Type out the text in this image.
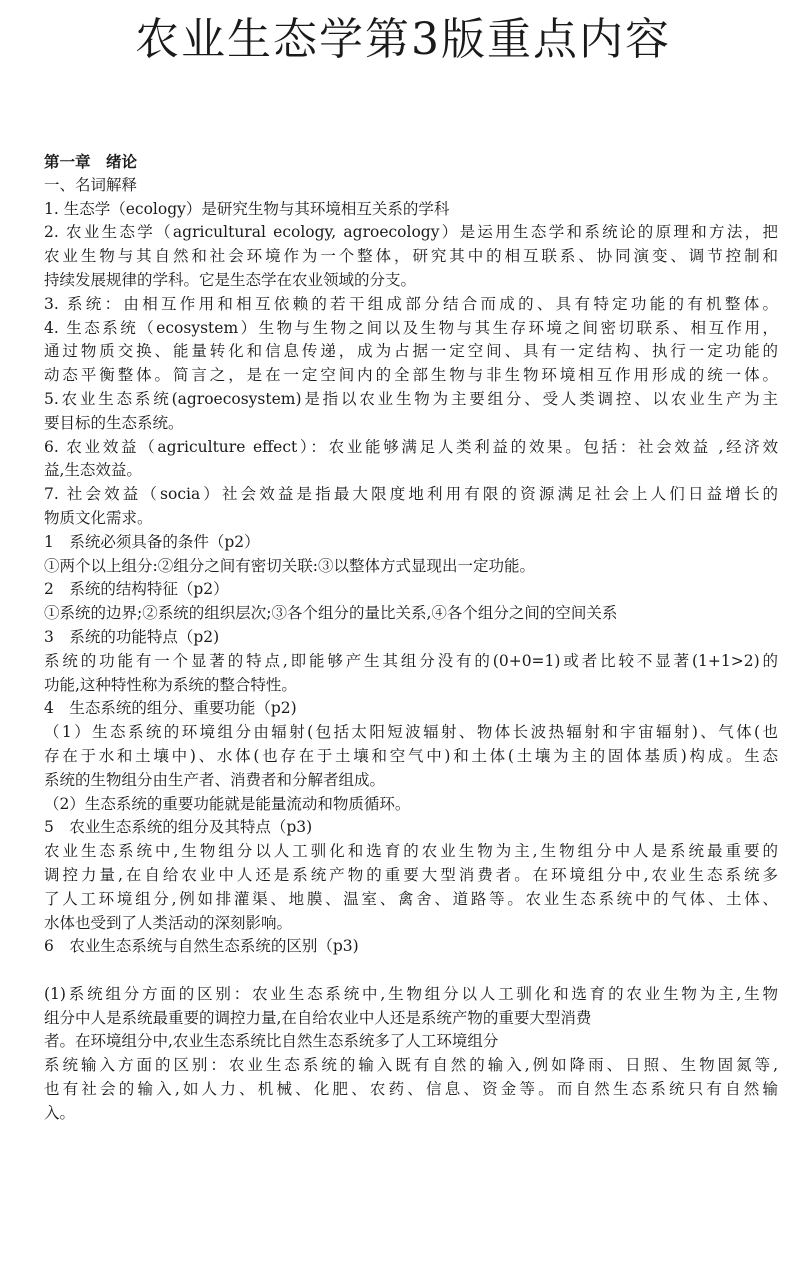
农业生态学第3版重点内容
第一章　绪论
一、名词解释
1. 生态学（ecology）是研究生物与其环境相互关系的学科
2. 农业生态学（agricultural ecology, agroecology）是运用生态学和系统论的原理和方法，把
农业生物与其自然和社会环境作为一个整体，研究其中的相互联系、协同演变、调节控制和
持续发展规律的学科。它是生态学在农业领域的分支。
3. 系统：由相互作用和相互依赖的若干组成部分结合而成的、具有特定功能的有机整体。
4. 生态系统（ecosystem）生物与生物之间以及生物与其生存环境之间密切联系、相互作用，
通过物质交换、能量转化和信息传递，成为占据一定空间、具有一定结构、执行一定功能的
动态平衡整体。简言之，是在一定空间内的全部生物与非生物环境相互作用形成的统一体。
5.农业生态系统(agroecosystem)是指以农业生物为主要组分、受人类调控、以农业生产为主
要目标的生态系统。
6. 农业效益（agriculture effect）：农业能够满足人类利益的效果。包括：社会效益 ,经济效
益,生态效益。
7. 社会效益（socia）社会效益是指最大限度地利用有限的资源满足社会上人们日益增长的
物质文化需求。
1　系统必须具备的条件（p2）
①两个以上组分:②组分之间有密切关联:③以整体方式显现出一定功能。
2　系统的结构特征（p2）
①系统的边界;②系统的组织层次;③各个组分的量比关系,④各个组分之间的空间关系
3　系统的功能特点（p2)
系统的功能有一个显著的特点,即能够产生其组分没有的(0+0=1)或者比较不显著(1+1>2)的
功能,这种特性称为系统的整合特性。
4　生态系统的组分、重要功能（p2)
（1）生态系统的环境组分由辐射(包括太阳短波辐射、物体长波热辐射和宇宙辐射)、气体(也
存在于水和土壤中)、水体(也存在于土壤和空气中)和土体(土壤为主的固体基质)构成。生态
系统的生物组分由生产者、消费者和分解者组成。
（2）生态系统的重要功能就是能量流动和物质循环。
5　农业生态系统的组分及其特点（p3)
农业生态系统中,生物组分以人工驯化和选育的农业生物为主,生物组分中人是系统最重要的
调控力量,在自给农业中人还是系统产物的重要大型消费者。在环境组分中,农业生态系统多
了人工环境组分,例如排灌渠、地膜、温室、禽舍、道路等。农业生态系统中的气体、土体、
水体也受到了人类活动的深刻影响。
6　农业生态系统与自然生态系统的区别（p3)
(1)系统组分方面的区别：农业生态系统中,生物组分以人工驯化和选育的农业生物为主,生物
组分中人是系统最重要的调控力量,在自给农业中人还是系统产物的重要大型消费
者。在环境组分中,农业生态系统比自然生态系统多了人工环境组分
系统输入方面的区别：农业生态系统的输入既有自然的输入,例如降雨、日照、生物固氮等,
也有社会的输入,如人力、机械、化肥、农药、信息、资金等。而自然生态系统只有自然输
入。
